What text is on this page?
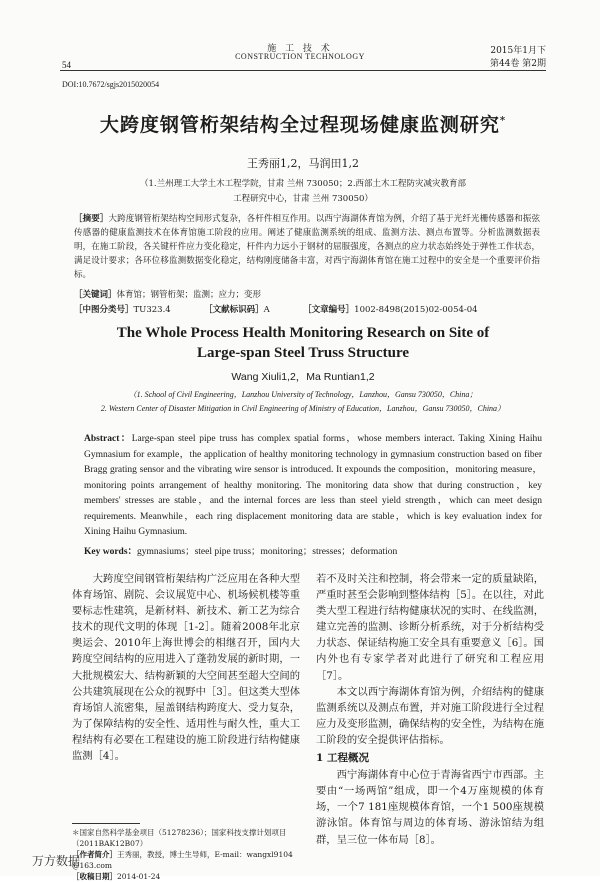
施 工 技 术
CONSTRUCTION TECHNOLOGY
54
2015年1月下
第44卷 第2期
DOI:10.7672/sgjs2015020054
大跨度钢管桁架结构全过程现场健康监测研究*
王秀丽1,2，马润田1,2
（1.兰州理工大学土木工程学院，甘肃 兰州 730050；2.西部土木工程防灾减灾教育部
工程研究中心，甘肃 兰州 730050）
［摘要］大跨度钢管桁架结构空间形式复杂，各杆件相互作用。以西宁海湖体育馆为例，介绍了基于光纤光栅传感器和振弦传感器的健康监测技术在体育馆施工阶段的应用。阐述了健康监测系统的组成、监测方法、测点布置等。分析监测数据表明，在施工阶段，各关键杆件应力变化稳定，杆件内力远小于钢材的屈服强度，各测点的应力状态始终处于弹性工作状态，满足设计要求；各环位移监测数据变化稳定，结构刚度储备丰富，对西宁海湖体育馆在施工过程中的安全是一个重要评价指标。
［关键词］体育馆；钢管桁架；监测；应力；变形
［中图分类号］TU323.4	［文献标识码］A	［文章编号］1002-8498(2015)02-0054-04
The Whole Process Health Monitoring Research on Site of
Large-span Steel Truss Structure
Wang Xiuli1,2，Ma Runtian1,2
（1. School of Civil Engineering，Lanzhou University of Technology，Lanzhou，Gansu 730050，China；
2. Western Center of Disaster Mitigation in Civil Engineering of Ministry of Education，Lanzhou，Gansu 730050，China）
Abstract：Large-span steel pipe truss has complex spatial forms，whose members interact. Taking Xining Haihu Gymnasium for example，the application of healthy monitoring technology in gymnasium construction based on fiber Bragg grating sensor and the vibrating wire sensor is introduced. It expounds the composition，monitoring measure，monitoring points arrangement of healthy monitoring. The monitoring data show that during construction，key members' stresses are stable，and the internal forces are less than steel yield strength，which can meet design requirements. Meanwhile，each ring displacement monitoring data are stable，which is key evaluation index for Xining Haihu Gymnasium.
Key words：gymnasiums；steel pipe truss；monitoring；stresses；deformation

大跨度空间钢管桁架结构广泛应用在各种大型体育场馆、剧院、会议展览中心、机场候机楼等重要标志性建筑，是新材料、新技术、新工艺为综合技术的现代文明的体现［1-2］。随着2008年北京奥运会、2010年上海世博会的相继召开，国内大跨度空间结构的应用进入了蓬勃发展的新时期，一大批规模宏大、结构新颖的大空间甚至超大空间的公共建筑展现在公众的视野中［3］。但这类大型体育场馆人流密集，屋盖钢结构跨度大、受力复杂，为了保障结构的安全性、适用性与耐久性，重大工程结构有必要在工程建设的施工阶段进行结构健康监测［4］。

若不及时关注和控制，将会带来一定的质量缺陷，严重时甚至会影响到整体结构［5］。在以往，对此类大型工程进行结构健康状况的实时、在线监测，建立完善的监测、诊断分析系统，对于分析结构受力状态、保证结构施工安全具有重要意义［6］。国内外也有专家学者对此进行了研究和工程应用［7］。

本文以西宁海湖体育馆为例，介绍结构的健康监测系统以及测点布置，并对施工阶段进行全过程应力及变形监测，确保结构的安全性，为结构在施工阶段的安全提供评估指标。

1 工程概况

西宁海湖体育中心位于青海省西宁市西部。主要由“一场两馆”组成，即一个4万座规模的体育场，一个7 181座规模体育馆，一个1 500座规模游泳馆。体育馆与周边的体育场、游泳馆结为组群，呈三位一体布局［8］。

＊国家自然科学基金项目（51278236）；国家科技支撑计划项目（2011BAK12B07）
［作者简介］王秀丽，教授，博士生导师，E-mail：wangxl9104 @163.com
［收稿日期］2014-01-24
万方数据
